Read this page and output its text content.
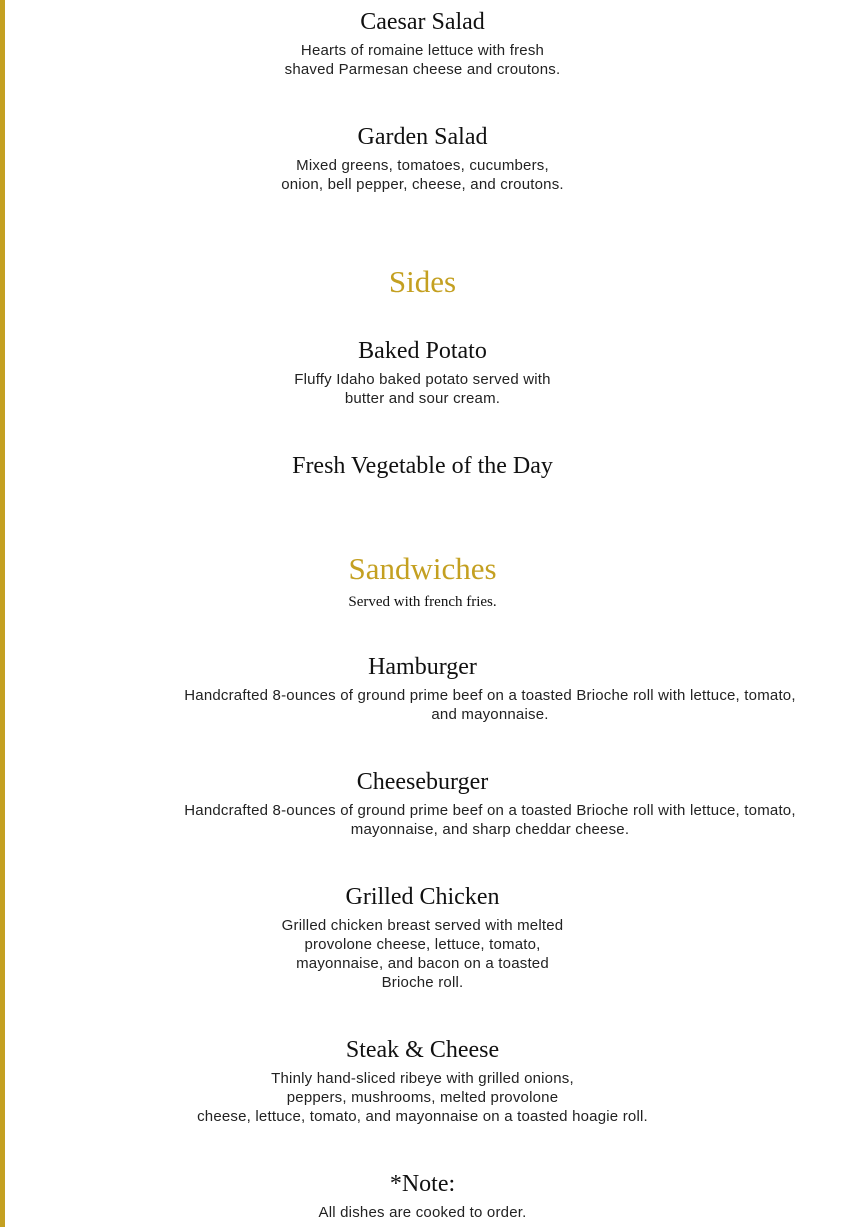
Caesar Salad
Hearts of romaine lettuce with fresh
shaved Parmesan cheese and croutons.
Garden Salad
Mixed greens, tomatoes, cucumbers,
onion, bell pepper, cheese, and croutons.
Sides
Baked Potato
Fluffy Idaho baked potato served with
butter and sour cream.
Fresh Vegetable of the Day
Sandwiches
Served with french fries.
Hamburger
Handcrafted 8-ounces of ground prime beef on a toasted Brioche roll with lettuce, tomato,
and mayonnaise.
Cheeseburger
Handcrafted 8-ounces of ground prime beef on a toasted Brioche roll with lettuce, tomato,
mayonnaise, and sharp cheddar cheese.
Grilled Chicken
Grilled chicken breast served with melted
provolone cheese, lettuce, tomato,
mayonnaise, and bacon on a toasted
Brioche roll.
Steak & Cheese
Thinly hand-sliced ribeye with grilled onions,
peppers, mushrooms, melted provolone
cheese, lettuce, tomato, and mayonnaise on a toasted hoagie roll.
*Note:
All dishes are cooked to order.
